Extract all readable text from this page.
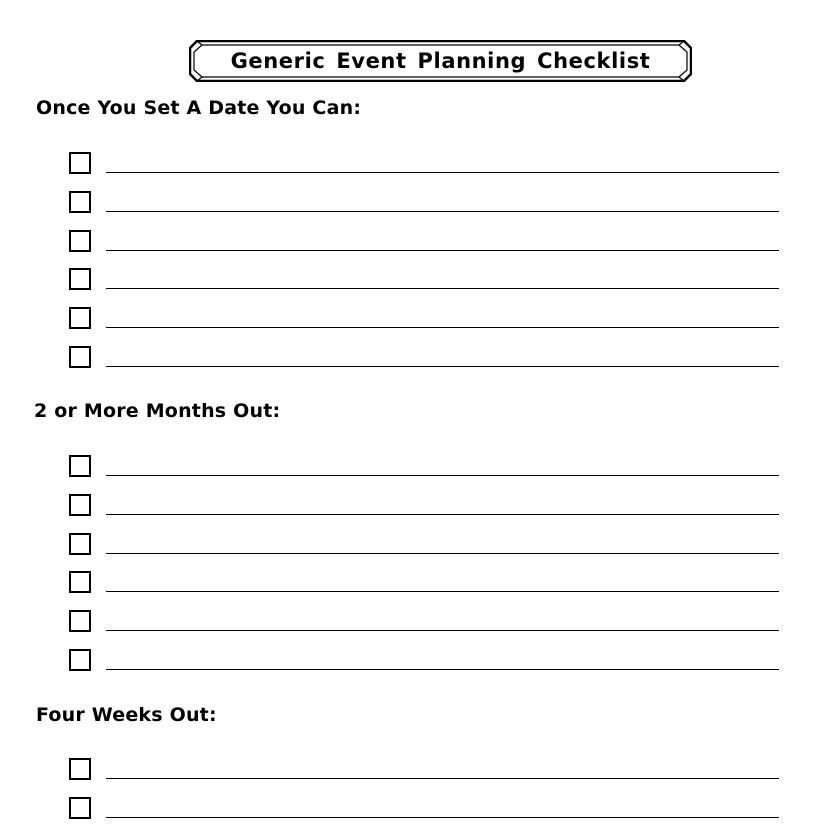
Generic Event Planning Checklist
Once You Set A Date You Can:
2 or More Months Out:
Four Weeks Out:
